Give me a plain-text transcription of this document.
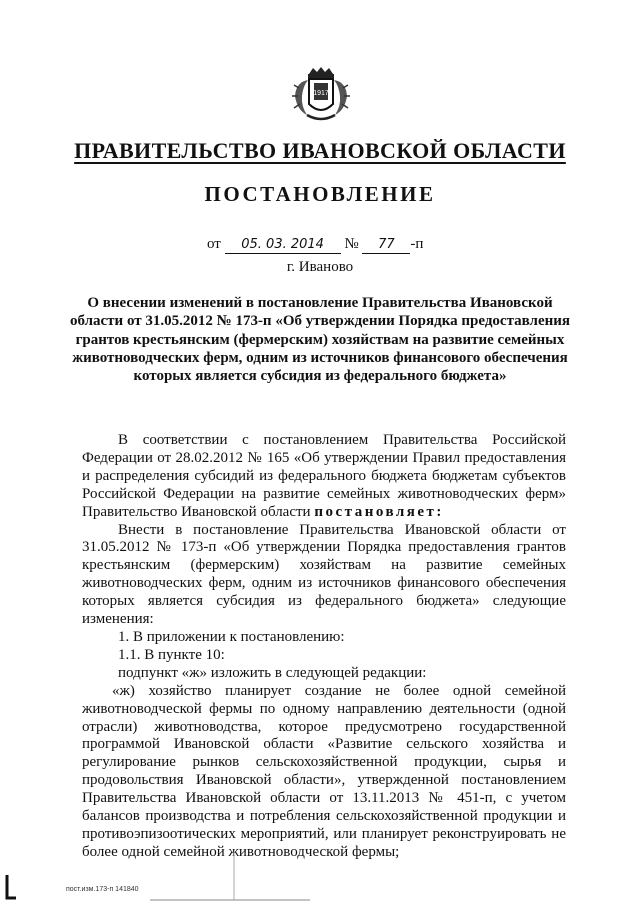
1917
ПРАВИТЕЛЬСТВО ИВАНОВСКОЙ ОБЛАСТИ
ПОСТАНОВЛЕНИЕ
от 05. 03. 2014 № 77 -п
г. Иваново

О внесении изменений в постановление Правительства Ивановской области от 31.05.2012 № 173-п «Об утверждении Порядка предоставления грантов крестьянским (фермерским) хозяйствам на развитие семейных животноводческих ферм, одним из источников финансового обеспечения которых является субсидия из федерального бюджета»

В соответствии с постановлением Правительства Российской Федерации от 28.02.2012 № 165 «Об утверждении Правил предоставления и распределения субсидий из федерального бюджета бюджетам субъектов Российской Федерации на развитие семейных животноводческих ферм» Правительство Ивановской области постановляет:

Внести в постановление Правительства Ивановской области от 31.05.2012 № 173-п «Об утверждении Порядка предоставления грантов крестьянским (фермерским) хозяйствам на развитие семейных животноводческих ферм, одним из источников финансового обеспечения которых является субсидия из федерального бюджета» следующие изменения:

1. В приложении к постановлению:

1.1. В пункте 10:

подпункт «ж» изложить в следующей редакции:

«ж) хозяйство планирует создание не более одной семейной животноводческой фермы по одному направлению деятельности (одной отрасли) животноводства, которое предусмотрено государственной программой Ивановской области «Развитие сельского хозяйства и регулирование рынков сельскохозяйственной продукции, сырья и продовольствия Ивановской области», утвержденной постановлением Правительства Ивановской области от 13.11.2013 № 451-п, с учетом балансов производства и потребления сельскохозяйственной продукции и противоэпизоотических мероприятий, или планирует реконструировать не более одной семейной животноводческой фермы;

пост.изм.173-п 141840
